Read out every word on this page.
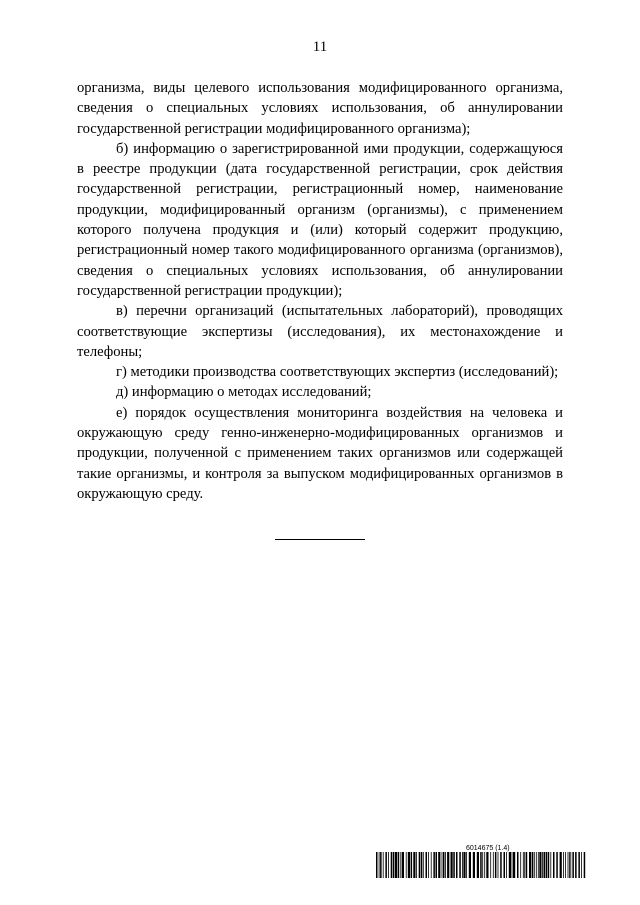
11

организма, виды целевого использования модифицированного организма, сведения о специальных условиях использования, об аннулировании государственной регистрации модифицированного организма);

б) информацию о зарегистрированной ими продукции, содержащуюся в реестре продукции (дата государственной регистрации, срок действия государственной регистрации, регистрационный номер, наименование продукции, модифицированный организм (организмы), с применением которого получена продукция и (или) который содержит продукцию, регистрационный номер такого модифицированного организма (организмов), сведения о специальных условиях использования, об аннулировании государственной регистрации продукции);

в) перечни организаций (испытательных лабораторий), проводящих соответствующие экспертизы (исследования), их местонахождение и телефоны;

г) методики производства соответствующих экспертиз (исследований);

д) информацию о методах исследований;

е) порядок осуществления мониторинга воздействия на человека и окружающую среду генно-инженерно-модифицированных организмов и продукции, полученной с применением таких организмов или содержащей такие организмы, и контроля за выпуском модифицированных организмов в окружающую среду.

6014675 (1.4)
